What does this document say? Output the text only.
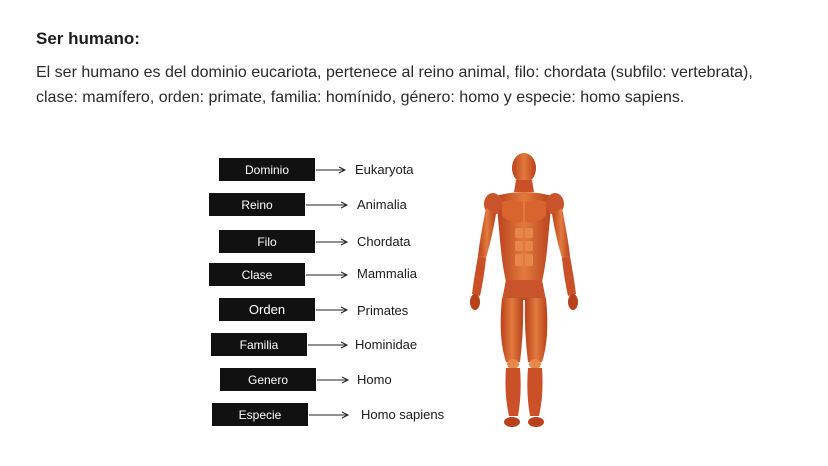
Ser humano:
El ser humano es del dominio eucariota, pertenece al reino animal, filo: chordata (subfilo: vertebrata), clase: mamífero, orden: primate, familia: homínido, género: homo y especie: homo sapiens.
Dominio
Reino
Filo
Clase
Orden
Familia
Genero
Especie
Eukaryota
Animalia
Chordata
Mammalia
Primates
Hominidae
Homo
Homo sapiens
